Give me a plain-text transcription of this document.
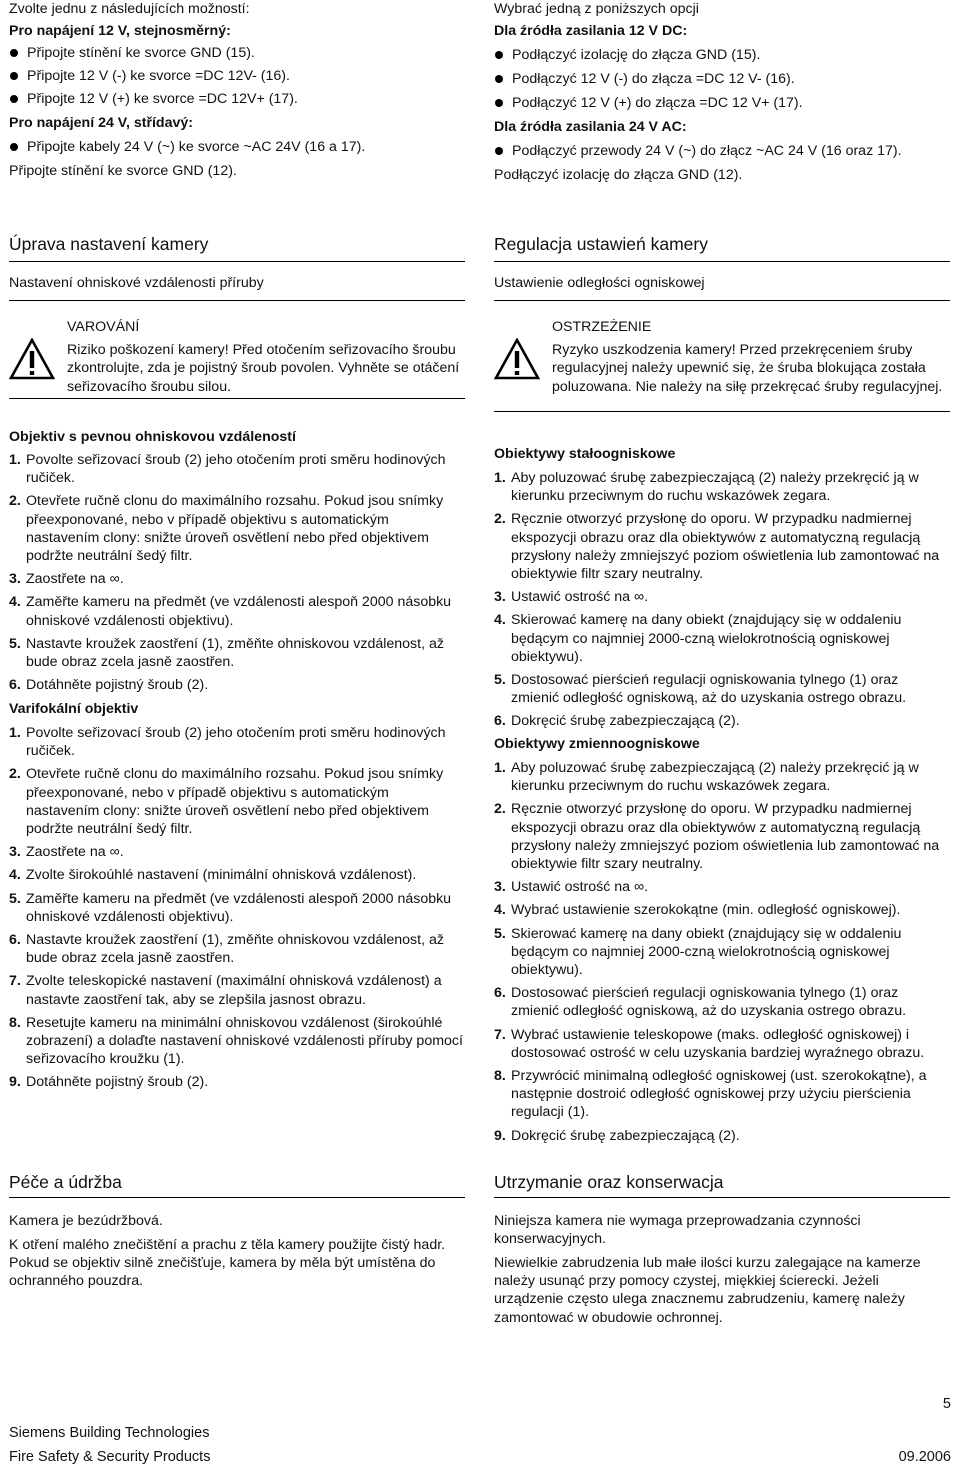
Zvolte jednu z následujících možností:

Pro napájení 12 V, stejnosměrný:

Připojte stínění ke svorce GND (15).

Připojte 12 V (-) ke svorce =DC 12V- (16).

Připojte 12 V (+) ke svorce =DC 12V+ (17).

Pro napájení 24 V, střídavý:

Připojte kabely 24 V (~) ke svorce ~AC 24V (16 a 17).

Připojte stínění ke svorce GND (12).

Úprava nastavení kamery

Nastavení ohniskové vzdálenosti příruby

VAROVÁNÍ

Riziko poškození kamery! Před otočením seřizovacího šroubu zkontrolujte, zda je pojistný šroub povolen. Vyhněte se otáčení seřizovacího šroubu silou.

Objektiv s pevnou ohniskovou vzdáleností

1. Povolte seřizovací šroub (2) jeho otočením proti směru hodinových ručiček.
2. Otevřete ručně clonu do maximálního rozsahu. Pokud jsou snímky přeexponované, nebo v případě objektivu s automatickým nastavením clony: snižte úroveň osvětlení nebo před objektivem podržte neutrální šedý filtr.
3. Zaostřete na ∞.
4. Zaměřte kameru na předmět (ve vzdálenosti alespoň 2000 násobku ohniskové vzdálenosti objektivu).
5. Nastavte kroužek zaostření (1), změňte ohniskovou vzdálenost, až bude obraz zcela jasně zaostřen.
6. Dotáhněte pojistný šroub (2).

Varifokální objektiv

1. Povolte seřizovací šroub (2) jeho otočením proti směru hodinových ručiček.
2. Otevřete ručně clonu do maximálního rozsahu. Pokud jsou snímky přeexponované, nebo v případě objektivu s automatickým nastavením clony: snižte úroveň osvětlení nebo před objektivem podržte neutrální šedý filtr.
3. Zaostřete na ∞.
4. Zvolte širokoúhlé nastavení (minimální ohnisková vzdálenost).
5. Zaměřte kameru na předmět (ve vzdálenosti alespoň 2000 násobku ohniskové vzdálenosti objektivu).
6. Nastavte kroužek zaostření (1), změňte ohniskovou vzdálenost, až bude obraz zcela jasně zaostřen.
7. Zvolte teleskopické nastavení (maximální ohnisková vzdálenost) a nastavte zaostření tak, aby se zlepšila jasnost obrazu.
8. Resetujte kameru na minimální ohniskovou vzdálenost (širokoúhlé zobrazení) a dolaďte nastavení ohniskové vzdálenosti příruby pomocí seřizovacího kroužku (1).
9. Dotáhněte pojistný šroub (2).
Péče a údržba

Kamera je bezúdržbová.

K otření malého znečištění a prachu z těla kamery použijte čistý hadr. Pokud se objektiv silně znečišťuje, kamera by měla být umístěna do ochranného pouzdra.

Wybrać jedną z poniższych opcji

Dla źródła zasilania 12 V DC:

Podłączyć izolację do złącza GND (15).

Podłączyć 12 V (-) do złącza =DC 12 V- (16).

Podłączyć 12 V (+) do złącza =DC 12 V+ (17).

Dla źródła zasilania 24 V AC:

Podłączyć przewody 24 V (~) do złącz ~AC 24 V (16 oraz 17).

Podłączyć izolację do złącza GND (12).

Regulacja ustawień kamery

Ustawienie odległości ogniskowej

OSTRZEŻENIE

Ryzyko uszkodzenia kamery! Przed przekręceniem śruby regulacyjnej należy upewnić się, że śruba blokująca została poluzowana. Nie należy na siłę przekręcać śruby regulacyjnej.

Obiektywy stałoogniskowe

1. Aby poluzować śrubę zabezpieczającą (2) należy przekręcić ją w kierunku przeciwnym do ruchu wskazówek zegara.
2. Ręcznie otworzyć przysłonę do oporu. W przypadku nadmiernej ekspozycji obrazu oraz dla obiektywów z automatyczną regulacją przysłony należy zmniejszyć poziom oświetlenia lub zamontować na obiektywie filtr szary neutralny.
3. Ustawić ostrość na ∞.
4. Skierować kamerę na dany obiekt (znajdujący się w oddaleniu będącym co najmniej 2000-czną wielokrotnością ogniskowej obiektywu).
5. Dostosować pierścień regulacji ogniskowania tylnego (1) oraz zmienić odległość ogniskową, aż do uzyskania ostrego obrazu.
6. Dokręcić śrubę zabezpieczającą (2).

Obiektywy zmiennoogniskowe

1. Aby poluzować śrubę zabezpieczającą (2) należy przekręcić ją w kierunku przeciwnym do ruchu wskazówek zegara.
2. Ręcznie otworzyć przysłonę do oporu. W przypadku nadmiernej ekspozycji obrazu oraz dla obiektywów z automatyczną regulacją przysłony należy zmniejszyć poziom oświetlenia lub zamontować na obiektywie filtr szary neutralny.
3. Ustawić ostrość na ∞.
4. Wybrać ustawienie szerokokątne (min. odległość ogniskowej).
5. Skierować kamerę na dany obiekt (znajdujący się w oddaleniu będącym co najmniej 2000-czną wielokrotnością ogniskowej obiektywu).
6. Dostosować pierścień regulacji ogniskowania tylnego (1) oraz zmienić odległość ogniskową, aż do uzyskania ostrego obrazu.
7. Wybrać ustawienie teleskopowe (maks. odległość ogniskowej) i dostosować ostrość w celu uzyskania bardziej wyraźnego obrazu.
8. Przywrócić minimalną odległość ogniskowej (ust. szerokokątne), a następnie dostroić odległość ogniskowej przy użyciu pierścienia regulacji (1).
9. Dokręcić śrubę zabezpieczającą (2).
Utrzymanie oraz konserwacja

Niniejsza kamera nie wymaga przeprowadzania czynności konserwacyjnych.

Niewielkie zabrudzenia lub małe ilości kurzu zalegające na kamerze należy usunąć przy pomocy czystej, miękkiej ścierecki. Jeżeli urządzenie często ulega znacznemu zabrudzeniu, kamerę należy zamontować w obudowie ochronnej.

5
Siemens Building Technologies
Fire Safety & Security Products	09.2006
